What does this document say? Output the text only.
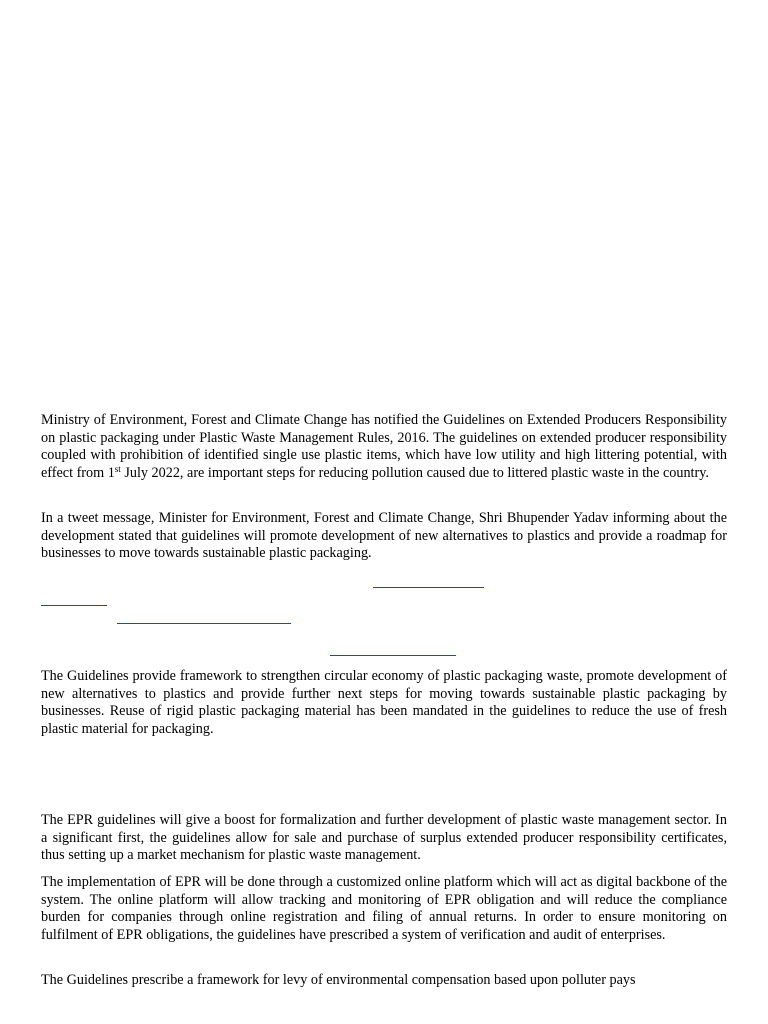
Ministry of Environment, Forest and Climate Change has notified the Guidelines on Extended Producers Responsibility on plastic packaging under Plastic Waste Management Rules, 2016. The guidelines on extended producer responsibility coupled with prohibition of identified single use plastic items, which have low utility and high littering potential, with effect from 1st July 2022, are important steps for reducing pollution caused due to littered plastic waste in the country.

In a tweet message, Minister for Environment, Forest and Climate Change, Shri Bhupender Yadav informing about the development stated that guidelines will promote development of new alternatives to plastics and provide a roadmap for businesses to move towards sustainable plastic packaging.

The Guidelines provide framework to strengthen circular economy of plastic packaging waste, promote development of new alternatives to plastics and provide further next steps for moving towards sustainable plastic packaging by businesses. Reuse of rigid plastic packaging material has been mandated in the guidelines to reduce the use of fresh plastic material for packaging.

The EPR guidelines will give a boost for formalization and further development of plastic waste management sector. In a significant first, the guidelines allow for sale and purchase of surplus extended producer responsibility certificates, thus setting up a market mechanism for plastic waste management.

The implementation of EPR will be done through a customized online platform which will act as digital backbone of the system. The online platform will allow tracking and monitoring of EPR obligation and will reduce the compliance burden for companies through online registration and filing of annual returns. In order to ensure monitoring on fulfilment of EPR obligations, the guidelines have prescribed a system of verification and audit of enterprises.

The Guidelines prescribe a framework for levy of environmental compensation based upon polluter pays
